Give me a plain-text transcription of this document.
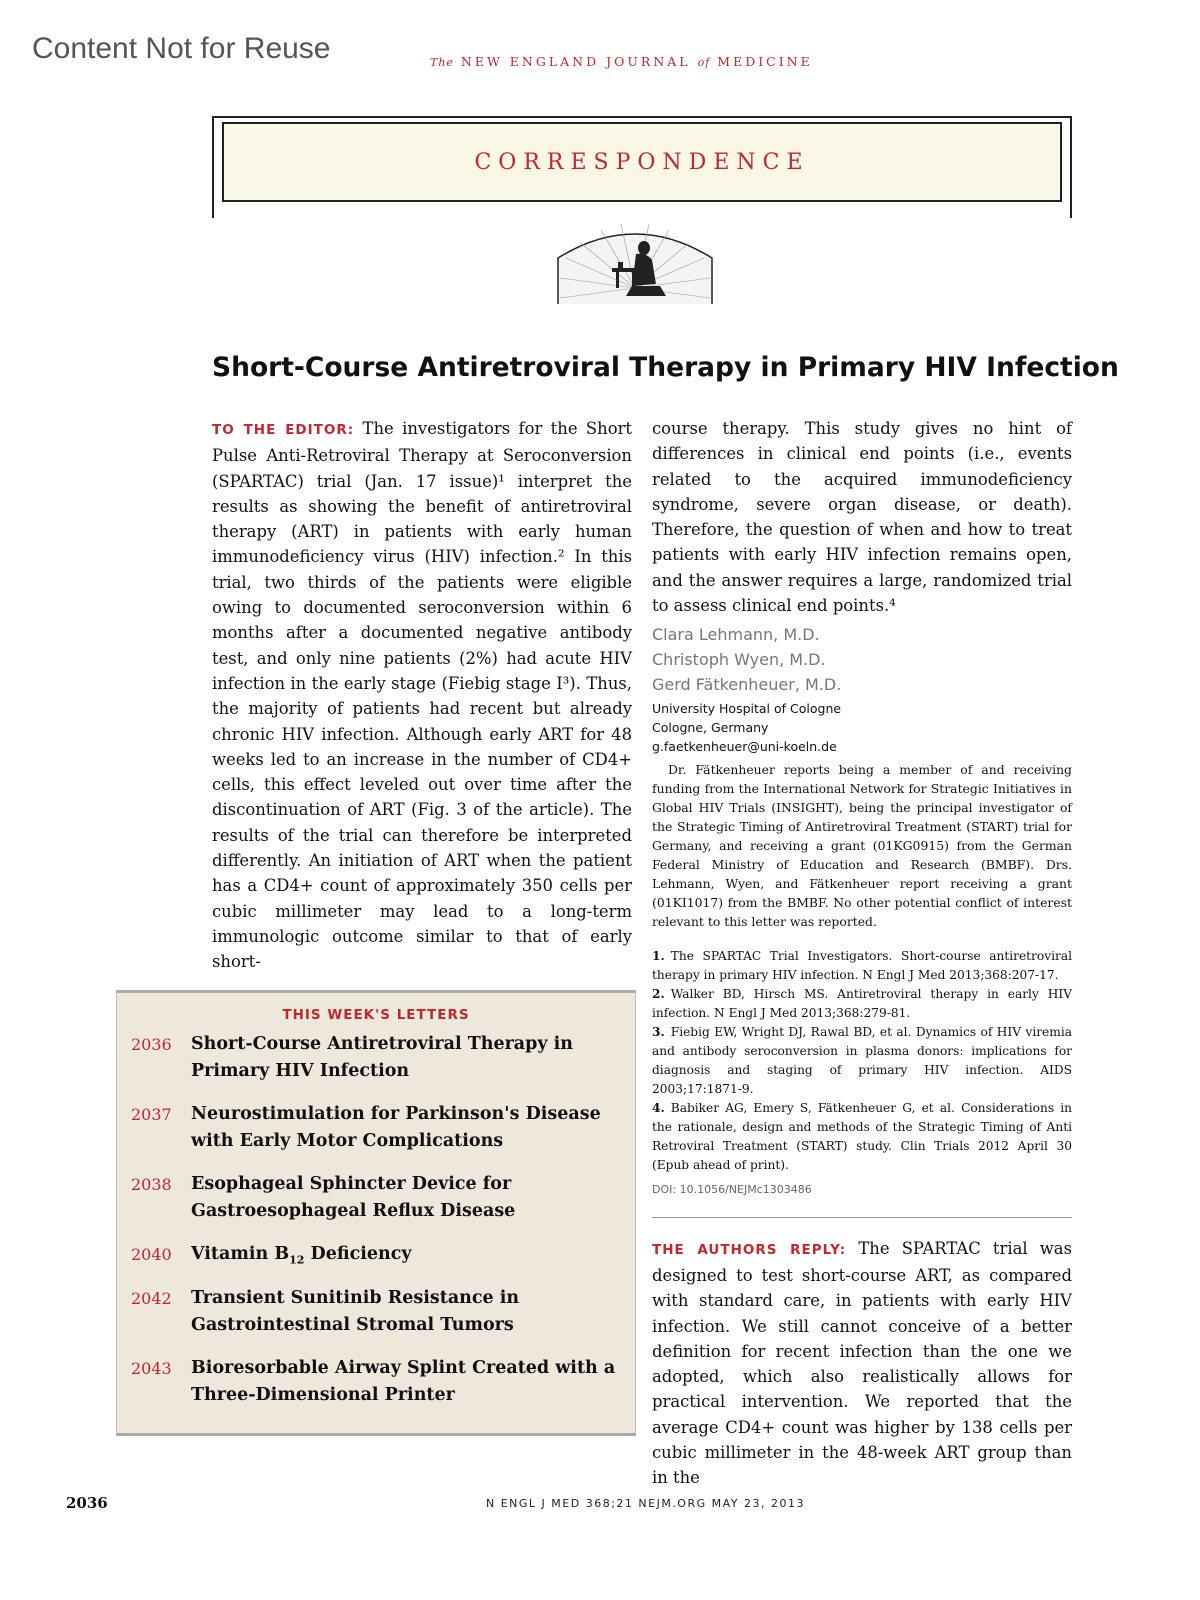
Content Not for Reuse	The NEW ENGLAND JOURNAL of MEDICINE
CORRESPONDENCE
Short-Course Antiretroviral Therapy in Primary HIV Infection
TO THE EDITOR: The investigators for the Short Pulse Anti-Retroviral Therapy at Seroconversion (SPARTAC) trial (Jan. 17 issue)¹ interpret the results as showing the benefit of antiretroviral therapy (ART) in patients with early human immunodeficiency virus (HIV) infection.² In this trial, two thirds of the patients were eligible owing to documented seroconversion within 6 months after a documented negative antibody test, and only nine patients (2%) had acute HIV infection in the early stage (Fiebig stage I³). Thus, the majority of patients had recent but already chronic HIV infection. Although early ART for 48 weeks led to an increase in the number of CD4+ cells, this effect leveled out over time after the discontinuation of ART (Fig. 3 of the article). The results of the trial can therefore be interpreted differently. An initiation of ART when the patient has a CD4+ count of approximately 350 cells per cubic millimeter may lead to a long-term immunologic outcome similar to that of early short-
course therapy. This study gives no hint of differences in clinical end points (i.e., events related to the acquired immunodeficiency syndrome, severe organ disease, or death). Therefore, the question of when and how to treat patients with early HIV infection remains open, and the answer requires a large, randomized trial to assess clinical end points.⁴
Clara Lehmann, M.D.
Christoph Wyen, M.D.
Gerd Fätkenheuer, M.D.
University Hospital of Cologne
Cologne, Germany
g.faetkenheuer@uni-koeln.de
Dr. Fätkenheuer reports being a member of and receiving funding from the International Network for Strategic Initiatives in Global HIV Trials (INSIGHT), being the principal investigator of the Strategic Timing of Antiretroviral Treatment (START) trial for Germany, and receiving a grant (01KG0915) from the German Federal Ministry of Education and Research (BMBF). Drs. Lehmann, Wyen, and Fätkenheuer report receiving a grant (01KI1017) from the BMBF. No other potential conflict of interest relevant to this letter was reported.
1. The SPARTAC Trial Investigators. Short-course antiretroviral therapy in primary HIV infection. N Engl J Med 2013;368:207-17.
2. Walker BD, Hirsch MS. Antiretroviral therapy in early HIV infection. N Engl J Med 2013;368:279-81.
3. Fiebig EW, Wright DJ, Rawal BD, et al. Dynamics of HIV viremia and antibody seroconversion in plasma donors: implications for diagnosis and staging of primary HIV infection. AIDS 2003;17:1871-9.
4. Babiker AG, Emery S, Fätkenheuer G, et al. Considerations in the rationale, design and methods of the Strategic Timing of Anti Retroviral Treatment (START) study. Clin Trials 2012 April 30 (Epub ahead of print).
DOI: 10.1056/NEJMc1303486
THE AUTHORS REPLY: The SPARTAC trial was designed to test short-course ART, as compared with standard care, in patients with early HIV infection. We still cannot conceive of a better definition for recent infection than the one we adopted, which also realistically allows for practical intervention. We reported that the average CD4+ count was higher by 138 cells per cubic millimeter in the 48-week ART group than in the
THIS WEEK'S LETTERS
2036	Short-Course Antiretroviral Therapy in Primary HIV Infection
2037	Neurostimulation for Parkinson's Disease with Early Motor Complications
2038	Esophageal Sphincter Device for Gastroesophageal Reflux Disease
2040	Vitamin $B_{12}$ Deficiency
2042	Transient Sunitinib Resistance in Gastrointestinal Stromal Tumors
2043	Bioresorbable Airway Splint Created with a Three-Dimensional Printer
2036	N ENGL J MED 368;21 NEJM.ORG MAY 23, 2013
